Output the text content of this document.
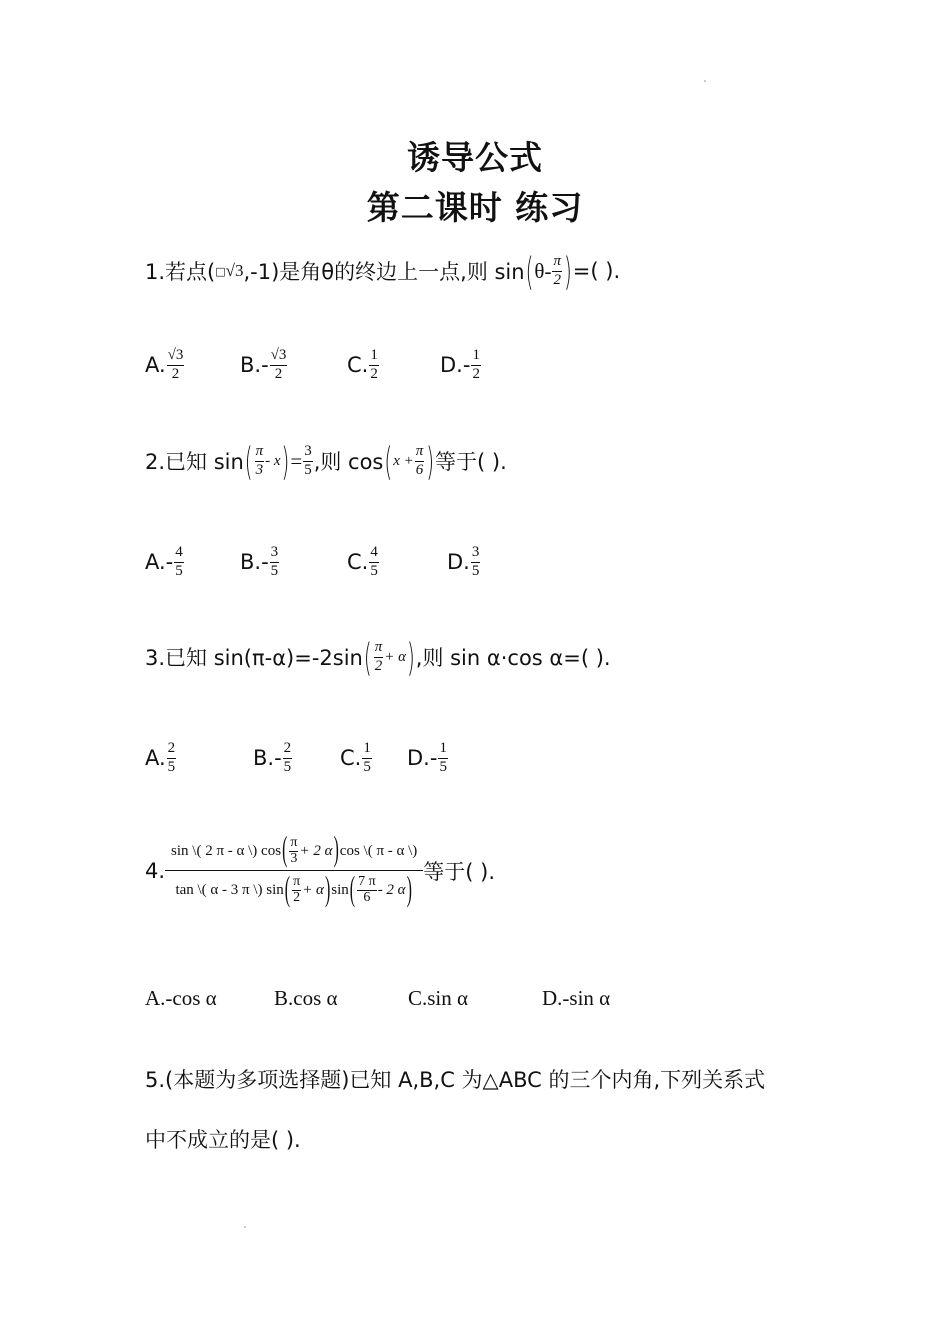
诱导公式
第二课时 练习
1.若点( □ √3 ,-1)是角θ的终边上一点,则 sin ( $\theta- \frac{\pi}{2}$ ) =( ).
A. $\frac{√3}{2}$	$B.- \frac{√3}{2}$	C. $\frac{1}{2}$	$D.- \frac{1}{2}$
2.已知 sin ( $\frac{\pi}{3}$ - x ) = $\frac{3}{5}$ ,则 cos ( $x + \frac{\pi}{6}$ ) 等于( ).
$A.- \frac{4}{5}$	$B.- \frac{3}{5}$	C. $\frac{4}{5}$	D. $\frac{3}{5}$
3.已知 sin(π-α)=-2sin ( $\frac{\pi}{2} + \alpha$ ) ,则 sin α·cos α=( ).
A. $\frac{2}{5}$	$B.- \frac{2}{5} C$. $\frac{1}{5} D.- \frac{1}{5}$
4.
sin \( 2 π - α \) cos ( π
3 + 2 α ) cos \( π - α \)
tan \( α - 3 π \) sin ( π
2 + α ) sin ( 7 π
6 - 2 α ) 等于( ).
A.-cos α	B.cos α	C.sin α	D.-sin α
5.(本题为多项选择题)已知 A,B,C 为△ABC 的三个内角,下列关系式
中不成立的是( ).
